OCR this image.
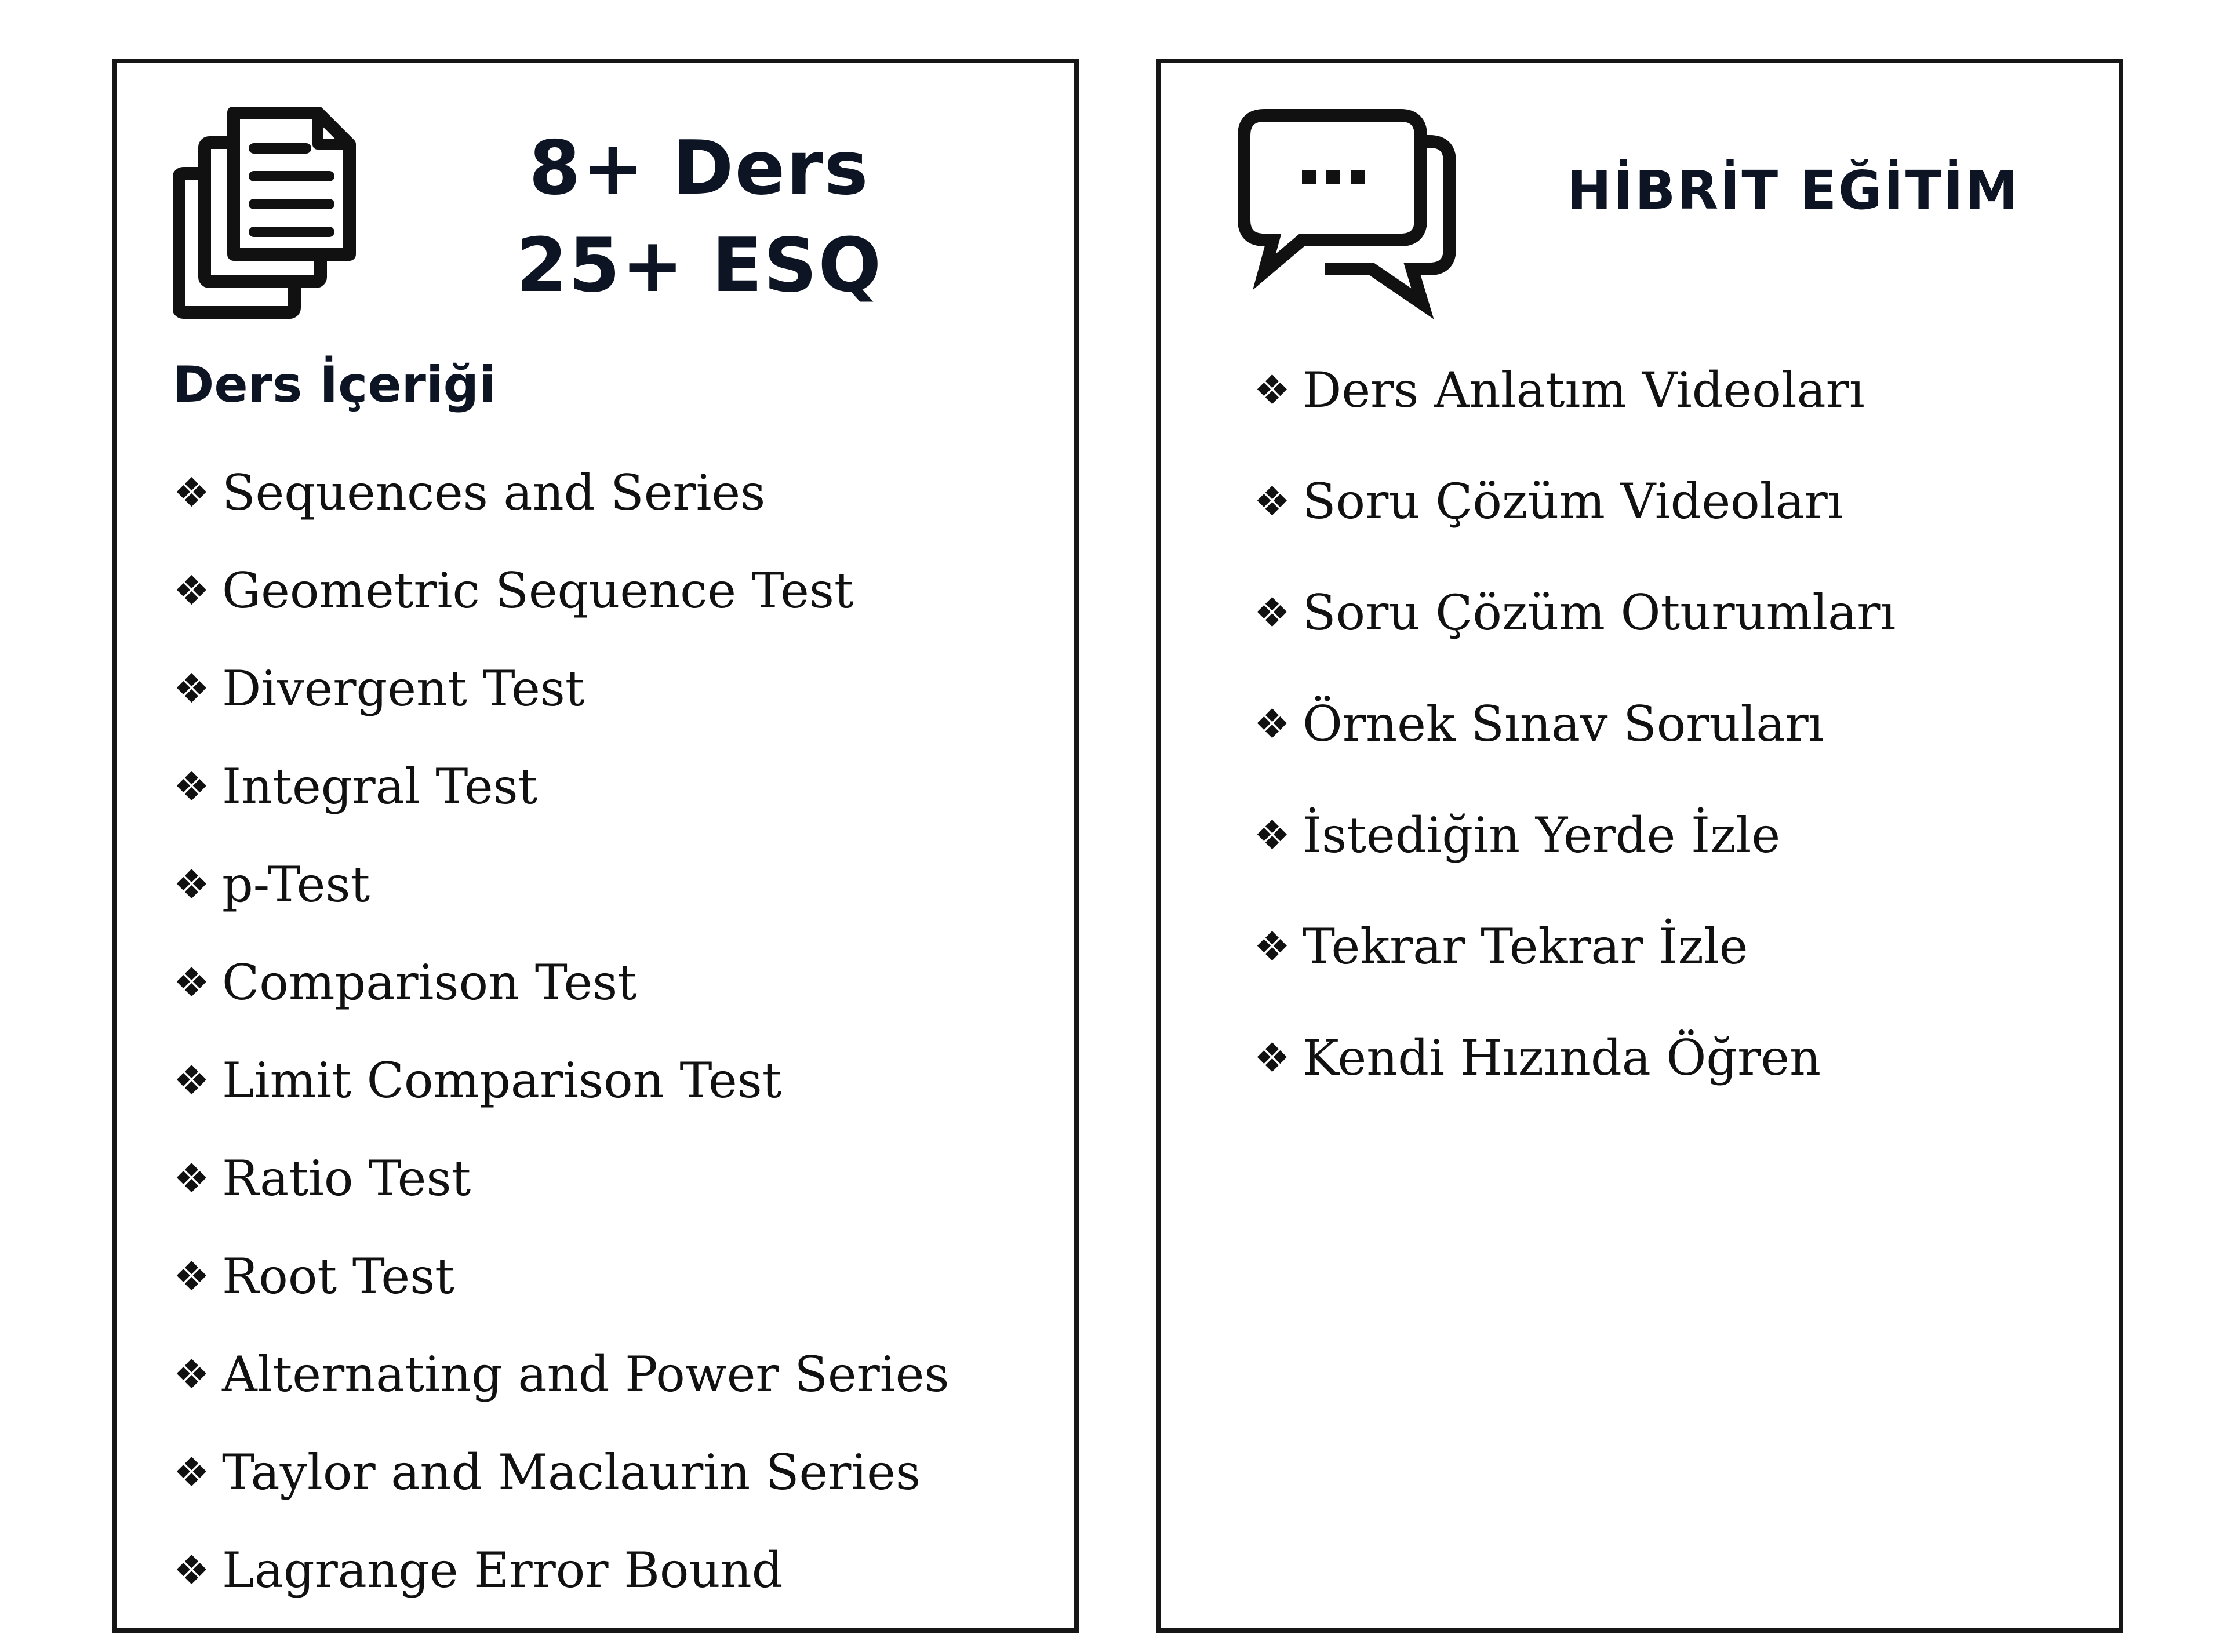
8+ Ders
25+ ESQ
Ders İçeriği
❖ Sequences and Series
❖ Geometric Sequence Test
❖ Divergent Test
❖ Integral Test
❖ p-Test
❖ Comparison Test
❖ Limit Comparison Test
❖ Ratio Test
❖ Root Test
❖ Alternating and Power Series
❖ Taylor and Maclaurin Series
❖ Lagrange Error Bound
HİBRİT EĞİTİM
❖ Ders Anlatım Videoları
❖ Soru Çözüm Videoları
❖ Soru Çözüm Oturumları
❖ Örnek Sınav Soruları
❖ İstediğin Yerde İzle
❖ Tekrar Tekrar İzle
❖ Kendi Hızında Öğren
